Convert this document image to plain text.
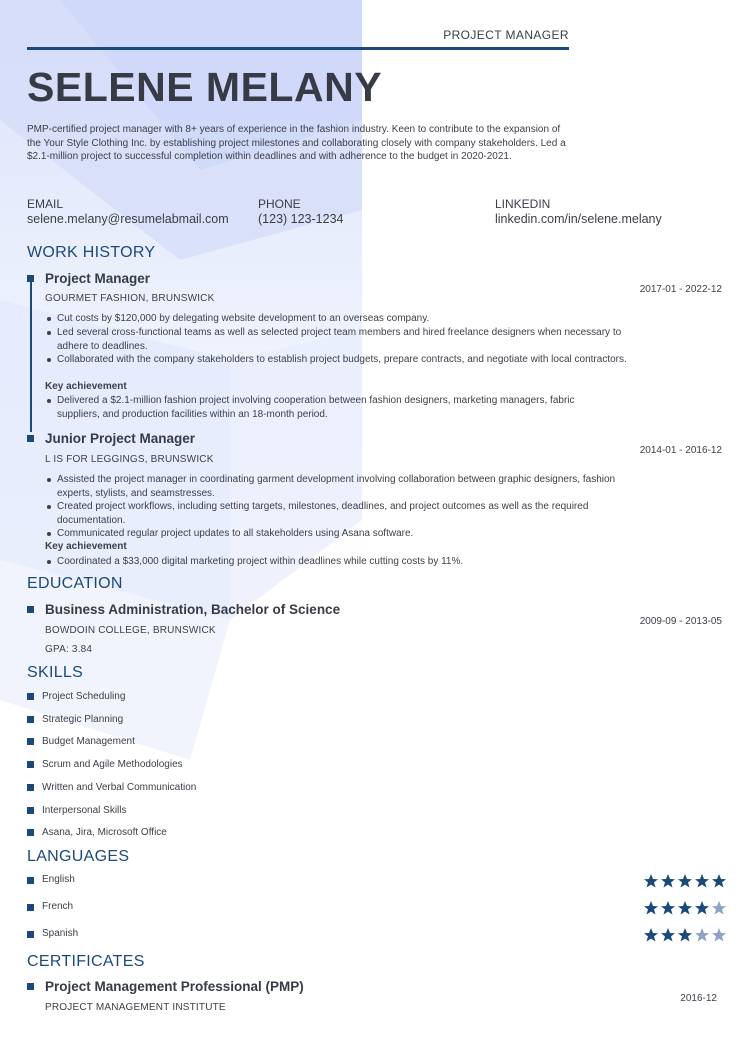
PROJECT MANAGER
SELENE MELANY
PMP-certified project manager with 8+ years of experience in the fashion industry. Keen to contribute to the expansion of the Your Style Clothing Inc. by establishing project milestones and collaborating closely with company stakeholders. Led a $2.1-million project to successful completion within deadlines and with adherence to the budget in 2020-2021.
EMAIL
selene.melany@resumelabmail.com
PHONE
(123) 123-1234
LINKEDIN
linkedin.com/in/selene.melany
WORK HISTORY
Project Manager
2017-01 - 2022-12
GOURMET FASHION, BRUNSWICK
Cut costs by $120,000 by delegating website development to an overseas company.
Led several cross-functional teams as well as selected project team members and hired freelance designers when necessary to adhere to deadlines.
Collaborated with the company stakeholders to establish project budgets, prepare contracts, and negotiate with local contractors.
Key achievement
Delivered a $2.1-million fashion project involving cooperation between fashion designers, marketing managers, fabric suppliers, and production facilities within an 18-month period.
Junior Project Manager
2014-01 - 2016-12
L IS FOR LEGGINGS, BRUNSWICK
Assisted the project manager in coordinating garment development involving collaboration between graphic designers, fashion experts, stylists, and seamstresses.
Created project workflows, including setting targets, milestones, deadlines, and project outcomes as well as the required documentation.
Communicated regular project updates to all stakeholders using Asana software.
Key achievement
Coordinated a $33,000 digital marketing project within deadlines while cutting costs by 11%.
EDUCATION
Business Administration, Bachelor of Science
2009-09 - 2013-05
BOWDOIN COLLEGE, BRUNSWICK
GPA: 3.84
SKILLS
Project Scheduling
Strategic Planning
Budget Management
Scrum and Agile Methodologies
Written and Verbal Communication
Interpersonal Skills
Asana, Jira, Microsoft Office
LANGUAGES
English
French
Spanish
CERTIFICATES
Project Management Professional (PMP)
2016-12
PROJECT MANAGEMENT INSTITUTE
